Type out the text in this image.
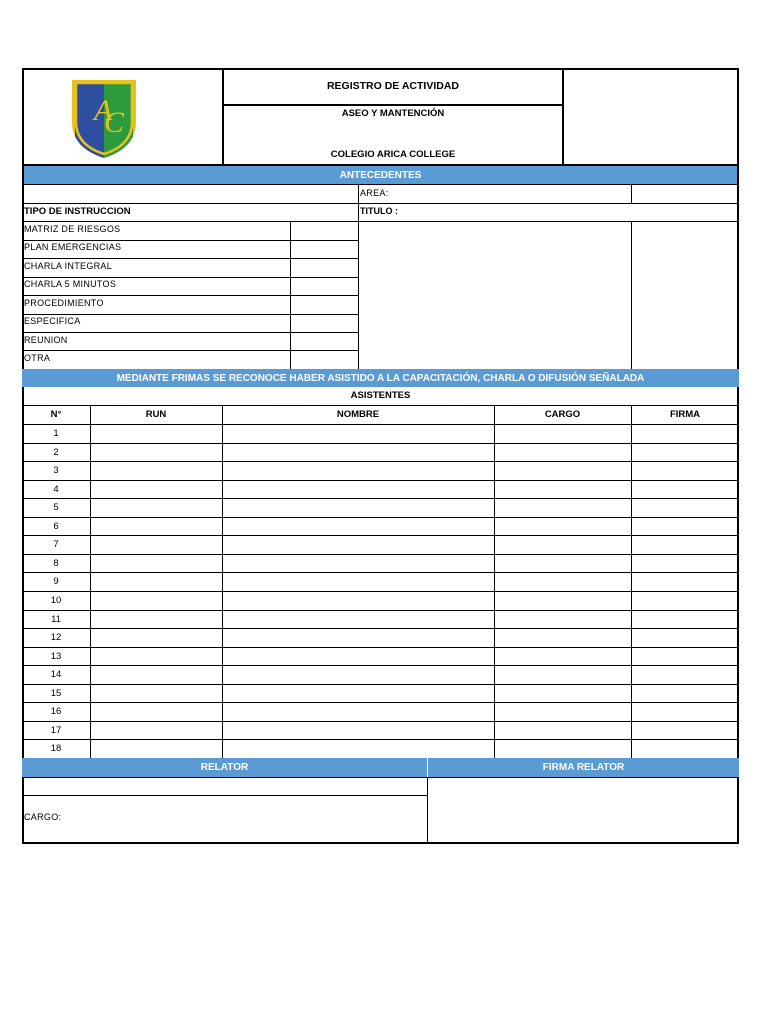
A
C
REGISTRO DE ACTIVIDAD
ASEO Y MANTENCIÓN
COLEGIO ARICA COLLEGE
ANTECEDENTES
AREA:
TIPO DE INSTRUCCION	TITULO :
MATRIZ DE RIESGOS
PLAN EMERGENCIAS
CHARLA INTEGRAL
CHARLA 5 MINUTOS
PROCEDIMIENTO
ESPECIFICA
REUNION
OTRA
MEDIANTE FRIMAS SE RECONOCE HABER ASISTIDO A LA CAPACITACIÓN, CHARLA O DIFUSIÓN SEÑALADA
ASISTENTES
N°	RUN	NOMBRE	CARGO	FIRMA
1
2
3
4
5
6
7
8
9
10
11
12
13
14
15
16
17
18
RELATOR	FIRMA RELATOR
CARGO:
